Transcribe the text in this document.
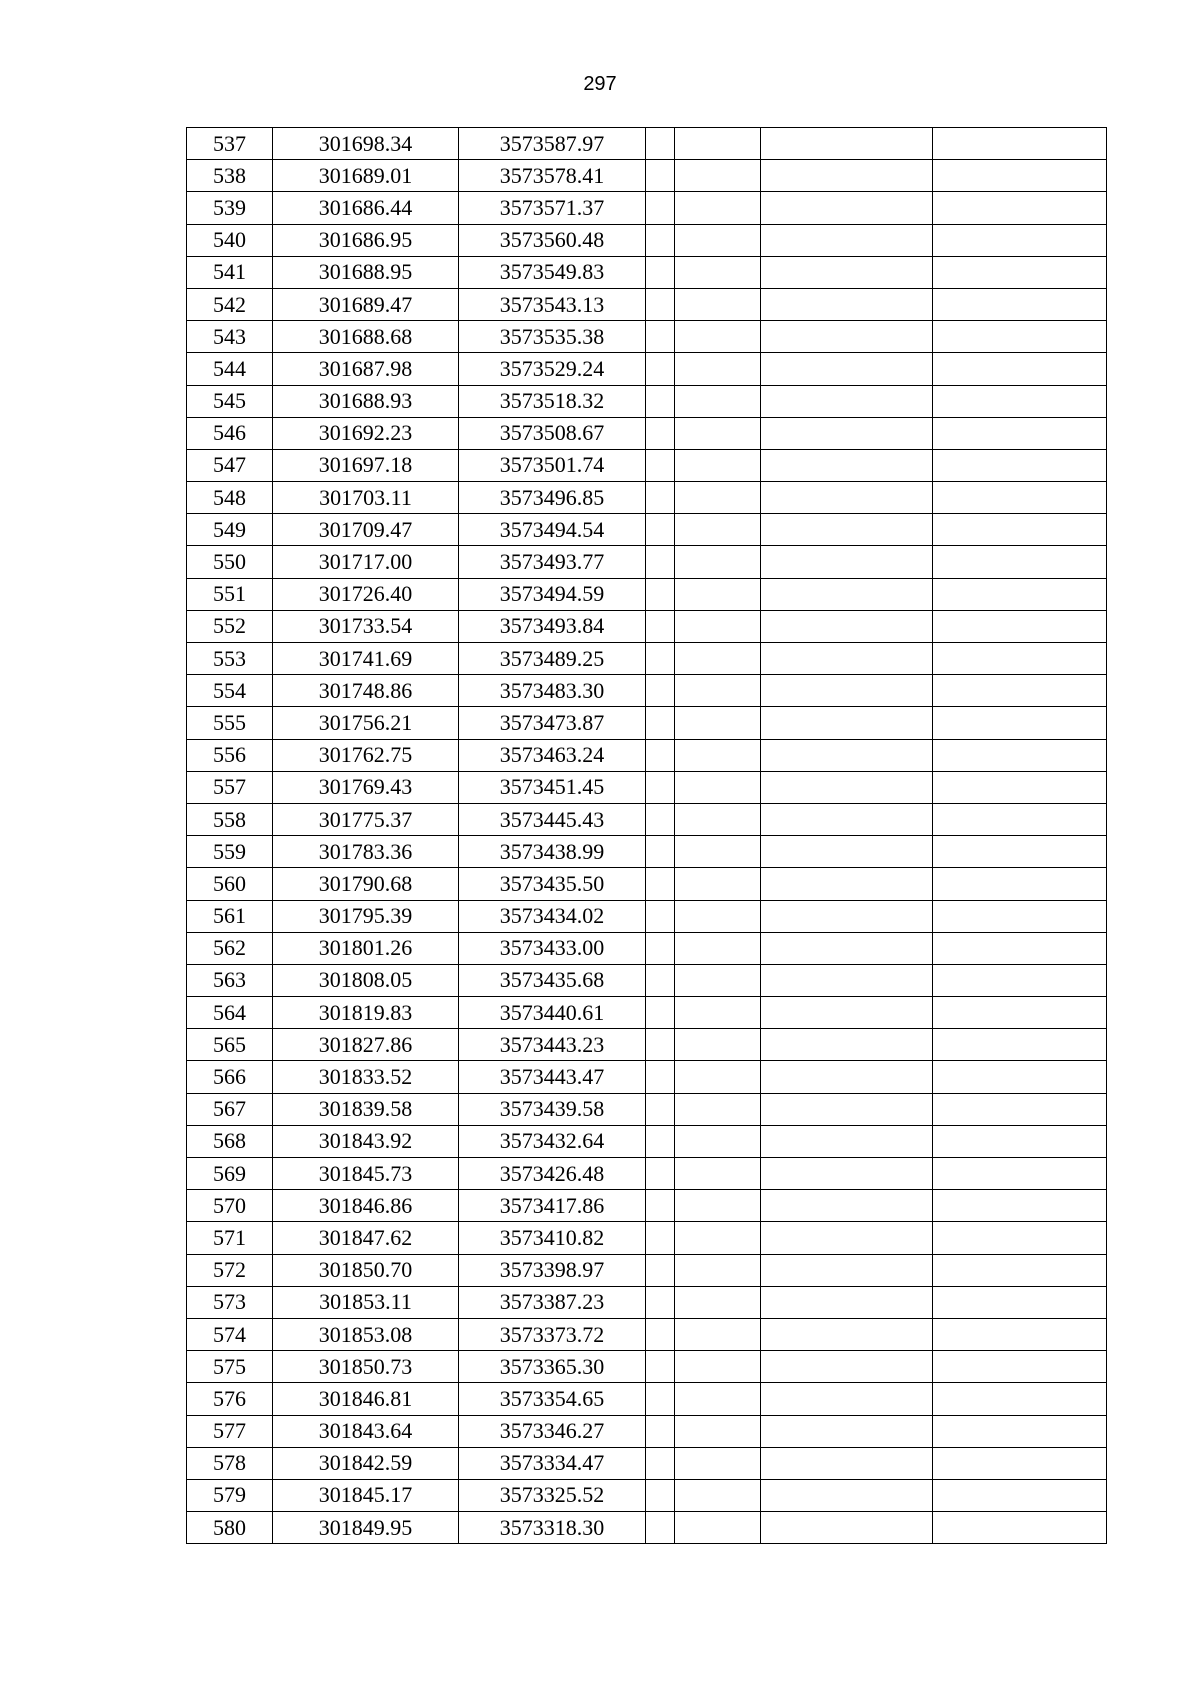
297
537	301698.34	3573587.97				
538	301689.01	3573578.41				
539	301686.44	3573571.37				
540	301686.95	3573560.48				
541	301688.95	3573549.83				
542	301689.47	3573543.13				
543	301688.68	3573535.38				
544	301687.98	3573529.24				
545	301688.93	3573518.32				
546	301692.23	3573508.67				
547	301697.18	3573501.74				
548	301703.11	3573496.85				
549	301709.47	3573494.54				
550	301717.00	3573493.77				
551	301726.40	3573494.59				
552	301733.54	3573493.84				
553	301741.69	3573489.25				
554	301748.86	3573483.30				
555	301756.21	3573473.87				
556	301762.75	3573463.24				
557	301769.43	3573451.45				
558	301775.37	3573445.43				
559	301783.36	3573438.99				
560	301790.68	3573435.50				
561	301795.39	3573434.02				
562	301801.26	3573433.00				
563	301808.05	3573435.68				
564	301819.83	3573440.61				
565	301827.86	3573443.23				
566	301833.52	3573443.47				
567	301839.58	3573439.58				
568	301843.92	3573432.64				
569	301845.73	3573426.48				
570	301846.86	3573417.86				
571	301847.62	3573410.82				
572	301850.70	3573398.97				
573	301853.11	3573387.23				
574	301853.08	3573373.72				
575	301850.73	3573365.30				
576	301846.81	3573354.65				
577	301843.64	3573346.27				
578	301842.59	3573334.47				
579	301845.17	3573325.52				
580	301849.95	3573318.30				
